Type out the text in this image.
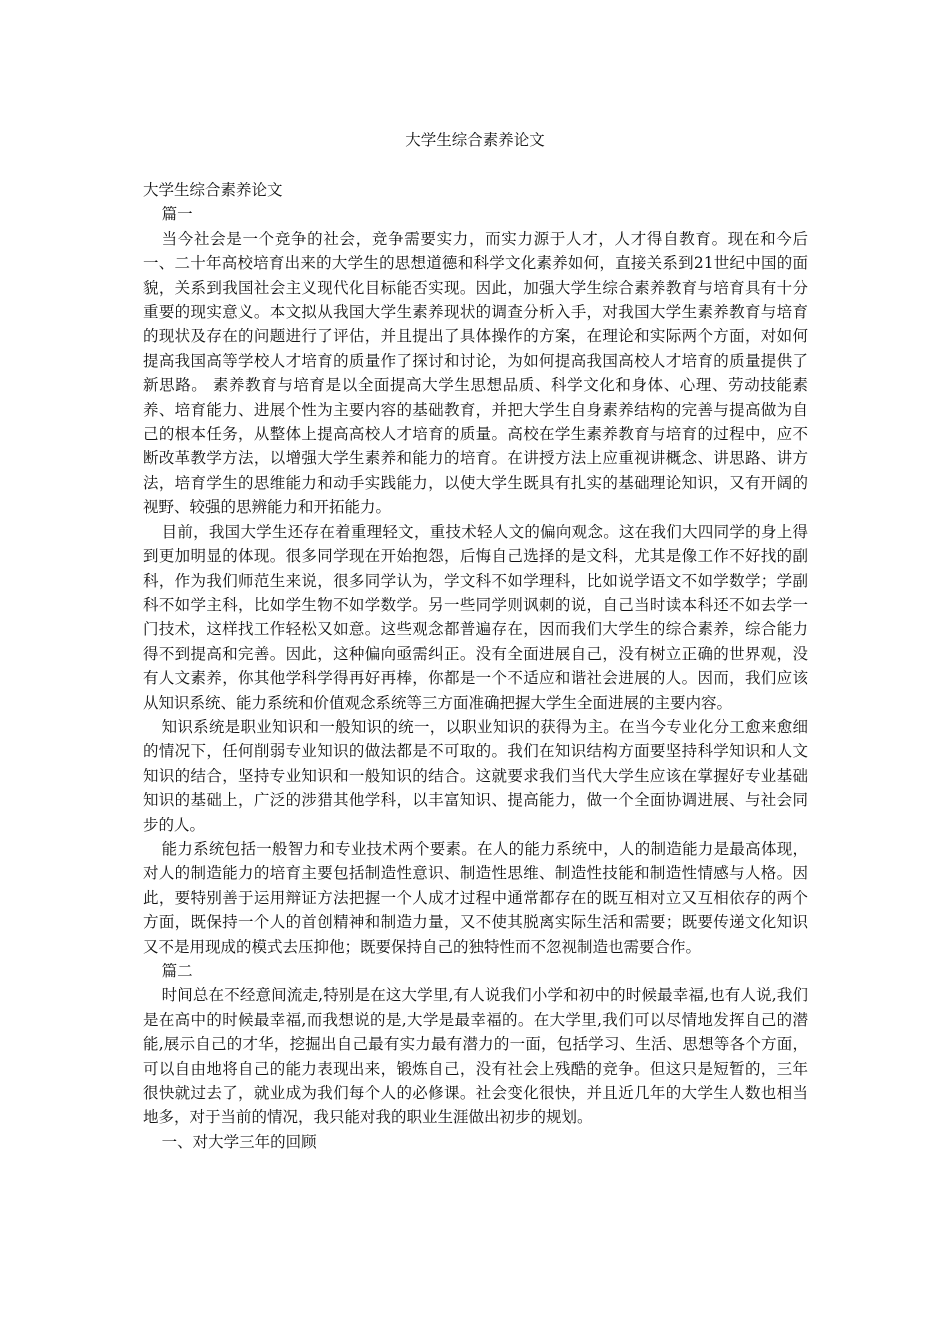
大学生综合素养论文

大学生综合素养论文

篇一

当今社会是一个竞争的社会，竞争需要实力，而实力源于人才，人才得自教育。现在和今后一、二十年高校培育出来的大学生的思想道德和科学文化素养如何，直接关系到21世纪中国的面貌，关系到我国社会主义现代化目标能否实现。因此，加强大学生综合素养教育与培育具有十分重要的现实意义。本文拟从我国大学生素养现状的调查分析入手，对我国大学生素养教育与培育的现状及存在的问题进行了评估，并且提出了具体操作的方案，在理论和实际两个方面，对如何提高我国高等学校人才培育的质量作了探讨和讨论，为如何提高我国高校人才培育的质量提供了新思路。 素养教育与培育是以全面提高大学生思想品质、科学文化和身体、心理、劳动技能素养、培育能力、进展个性为主要内容的基础教育，并把大学生自身素养结构的完善与提高做为自己的根本任务，从整体上提高高校人才培育的质量。高校在学生素养教育与培育的过程中，应不断改革教学方法，以增强大学生素养和能力的培育。在讲授方法上应重视讲概念、讲思路、讲方法，培育学生的思维能力和动手实践能力，以使大学生既具有扎实的基础理论知识，又有开阔的视野、较强的思辨能力和开拓能力。

目前，我国大学生还存在着重理轻文，重技术轻人文的偏向观念。这在我们大四同学的身上得到更加明显的体现。很多同学现在开始抱怨，后悔自己选择的是文科，尤其是像工作不好找的副科，作为我们师范生来说，很多同学认为，学文科不如学理科，比如说学语文不如学数学；学副科不如学主科，比如学生物不如学数学。另一些同学则讽刺的说，自己当时读本科还不如去学一门技术，这样找工作轻松又如意。这些观念都普遍存在，因而我们大学生的综合素养，综合能力得不到提高和完善。因此，这种偏向亟需纠正。没有全面进展自己，没有树立正确的世界观，没有人文素养，你其他学科学得再好再棒，你都是一个不适应和谐社会进展的人。因而，我们应该从知识系统、能力系统和价值观念系统等三方面准确把握大学生全面进展的主要内容。

知识系统是职业知识和一般知识的统一，以职业知识的获得为主。在当今专业化分工愈来愈细的情况下，任何削弱专业知识的做法都是不可取的。我们在知识结构方面要坚持科学知识和人文知识的结合，坚持专业知识和一般知识的结合。这就要求我们当代大学生应该在掌握好专业基础知识的基础上，广泛的涉猎其他学科，以丰富知识、提高能力，做一个全面协调进展、与社会同步的人。

能力系统包括一般智力和专业技术两个要素。在人的能力系统中，人的制造能力是最高体现，对人的制造能力的培育主要包括制造性意识、制造性思维、制造性技能和制造性情感与人格。因此，要特别善于运用辩证方法把握一个人成才过程中通常都存在的既互相对立又互相依存的两个方面，既保持一个人的首创精神和制造力量，又不使其脱离实际生活和需要；既要传递文化知识又不是用现成的模式去压抑他；既要保持自己的独特性而不忽视制造也需要合作。

篇二

时间总在不经意间流走,特别是在这大学里,有人说我们小学和初中的时候最幸福,也有人说,我们是在高中的时候最幸福,而我想说的是,大学是最幸福的。在大学里,我们可以尽情地发挥自己的潜能,展示自己的才华，挖掘出自己最有实力最有潜力的一面，包括学习、生活、思想等各个方面，可以自由地将自己的能力表现出来，锻炼自己，没有社会上残酷的竞争。但这只是短暂的，三年很快就过去了，就业成为我们每个人的必修课。社会变化很快，并且近几年的大学生人数也相当地多，对于当前的情况，我只能对我的职业生涯做出初步的规划。

一、对大学三年的回顾
